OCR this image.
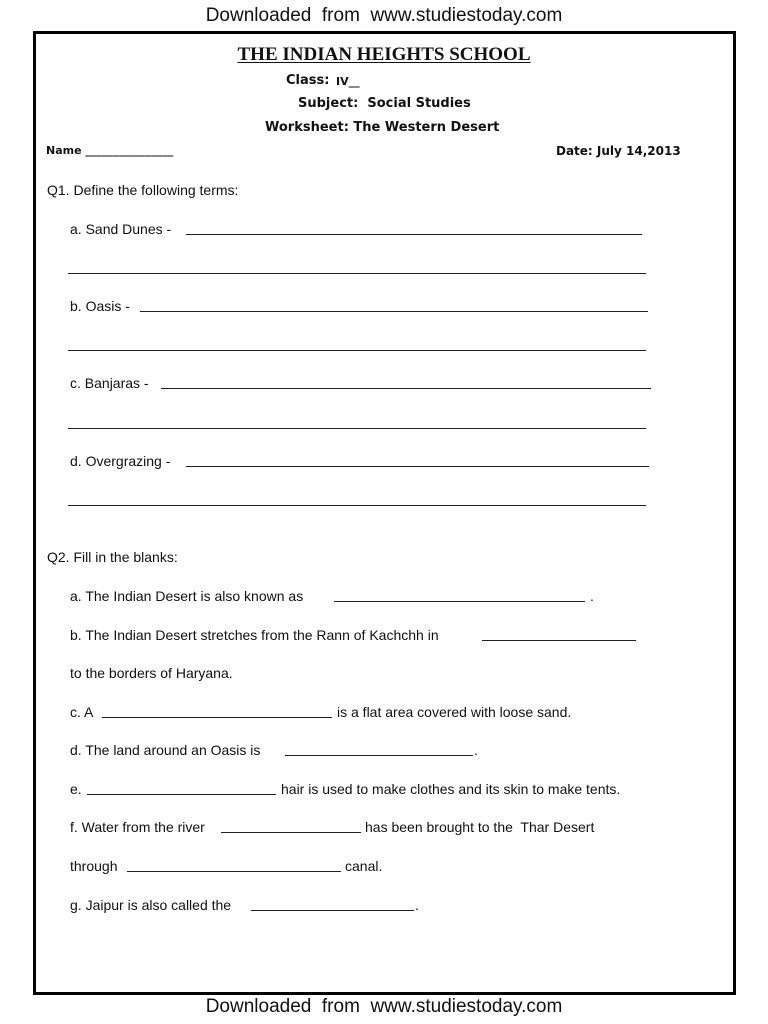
Downloaded  from  www.studiestoday.com
THE INDIAN HEIGHTS SCHOOL
Class: IV__
Subject:  Social Studies
Worksheet: The Western Desert
Name ________________	Date: July 14,2013
Q1. Define the following terms:
a. Sand Dunes -
b. Oasis -
c. Banjaras -
d. Overgrazing -
Q2. Fill in the blanks:
a. The Indian Desert is also known as	.
b. The Indian Desert stretches from the Rann of Kachchh in
to the borders of Haryana.
c. A	is a flat area covered with loose sand.
d. The land around an Oasis is	.
e.	hair is used to make clothes and its skin to make tents.
f. Water from the river	has been brought to the  Thar Desert
through	canal.
g. Jaipur is also called the	.
Downloaded  from  www.studiestoday.com
